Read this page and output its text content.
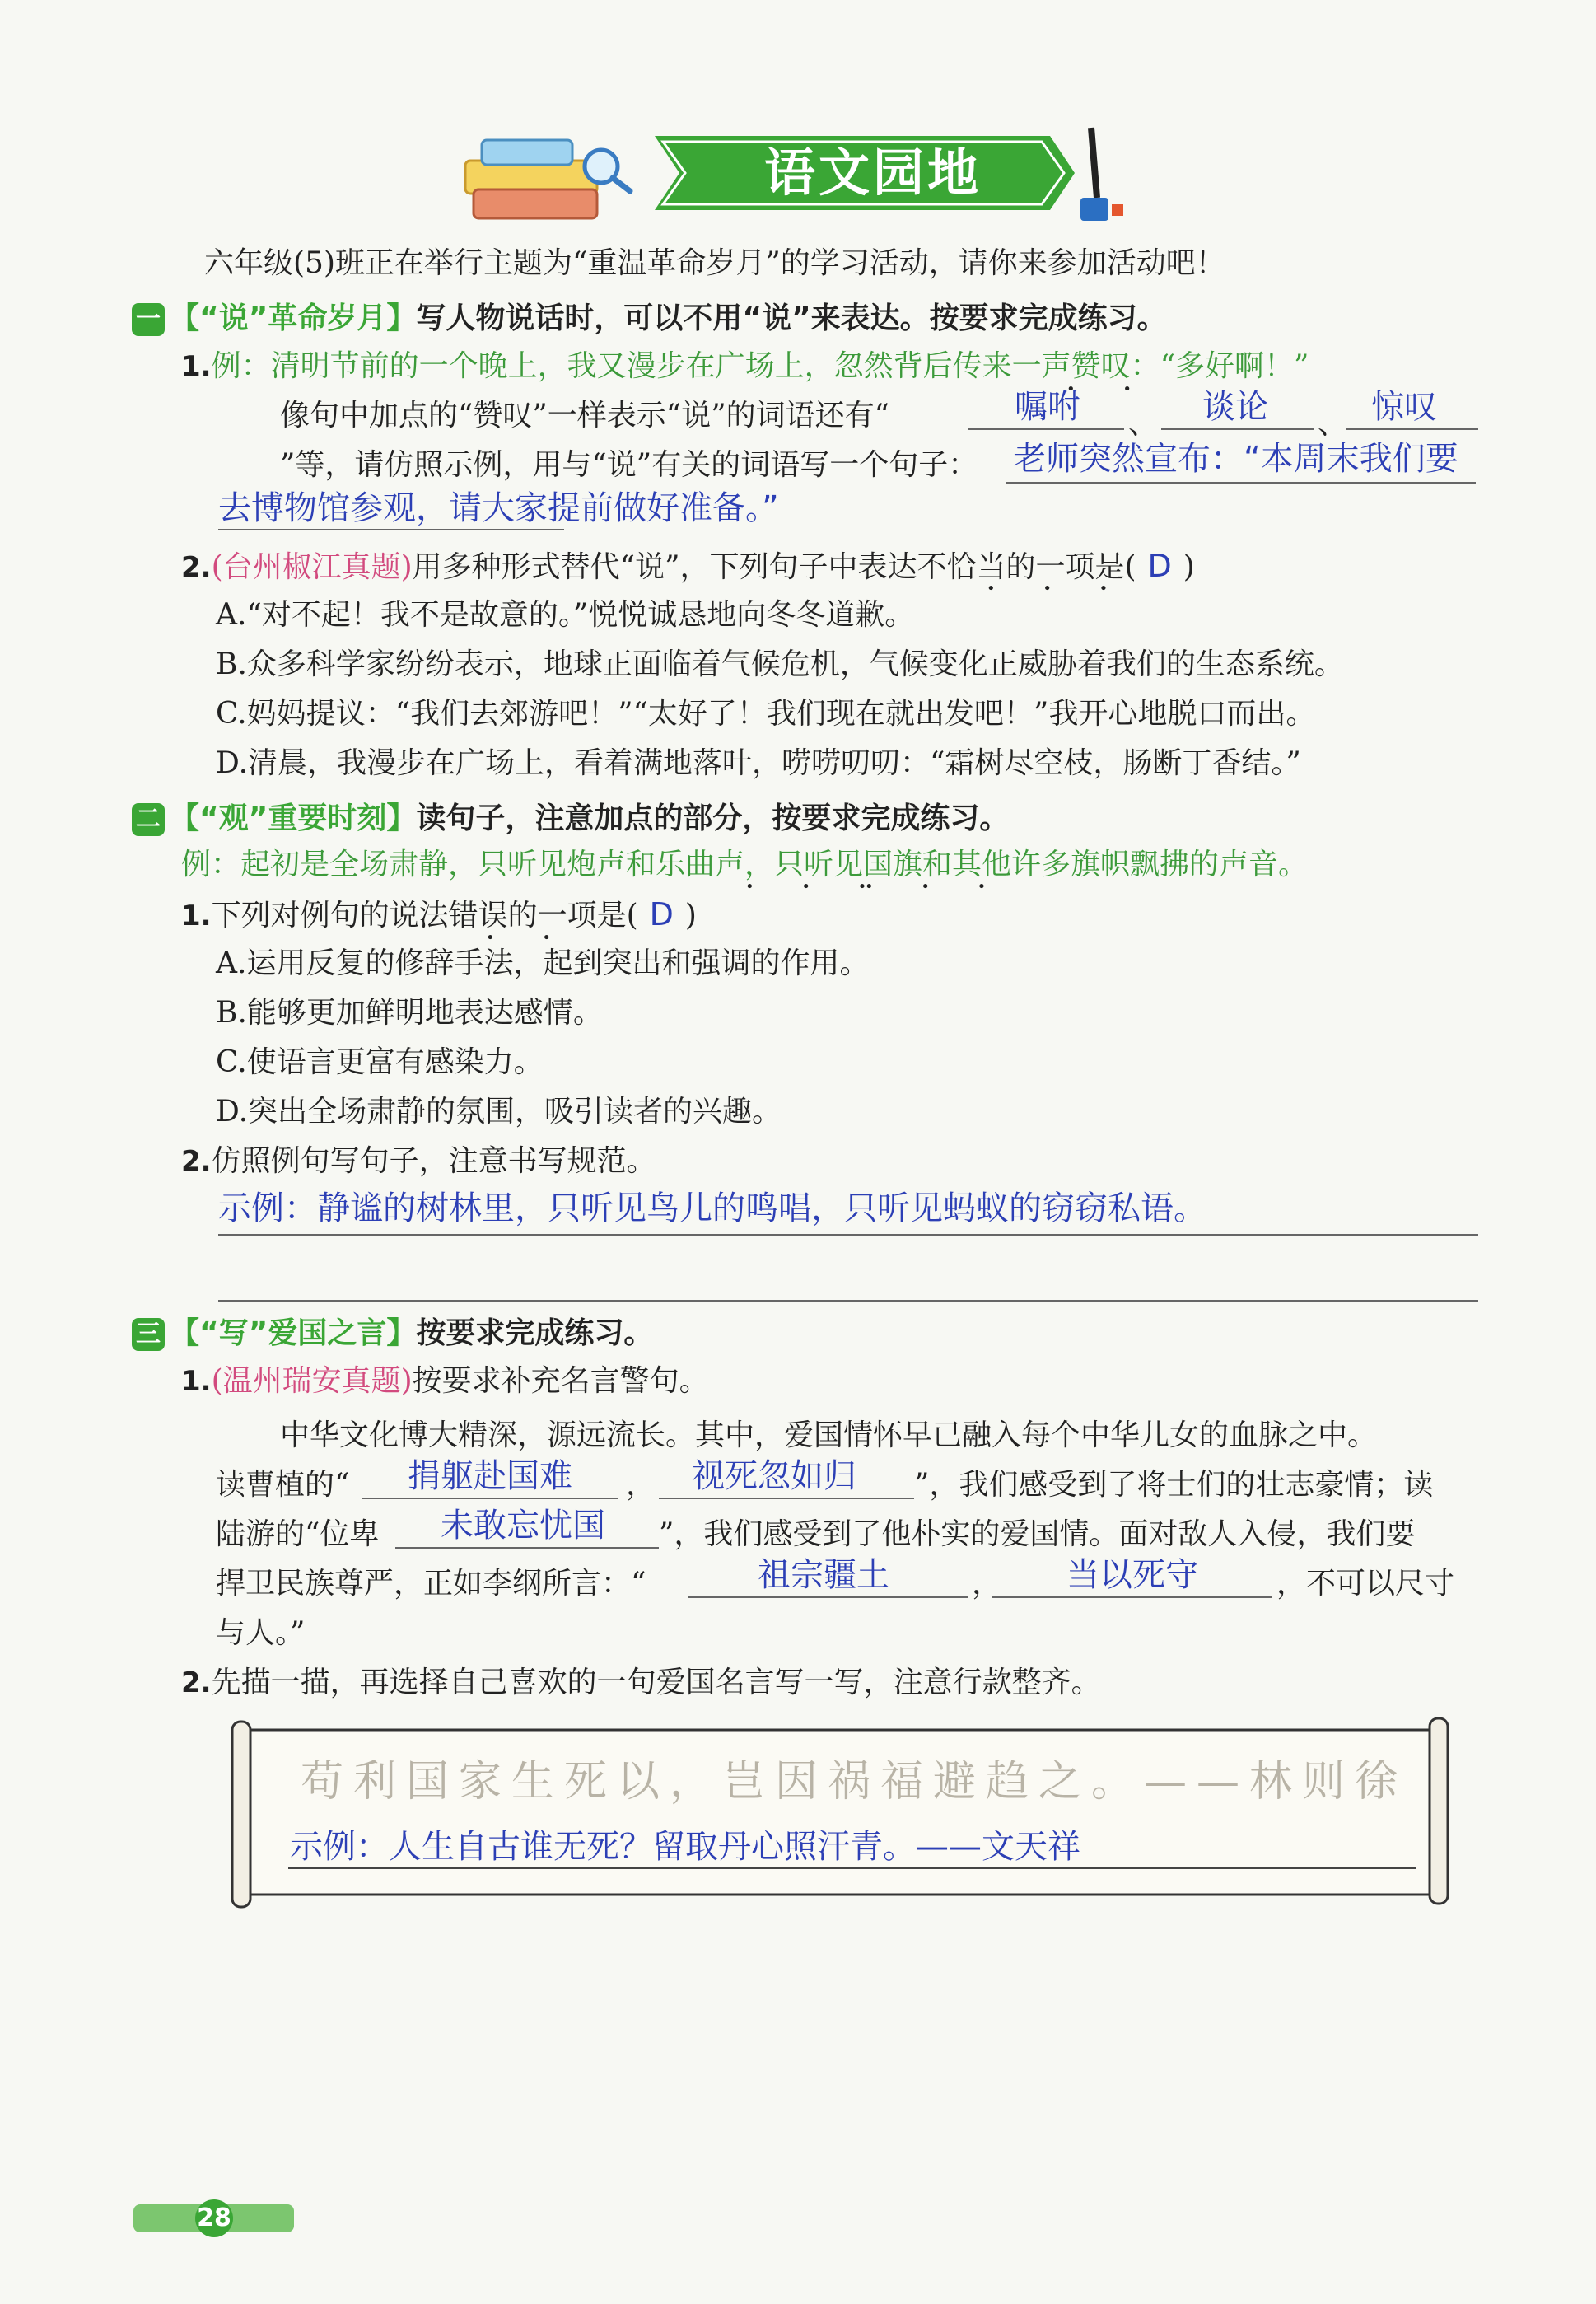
语文园地
六年级(5)班正在举行主题为“重温革命岁月”的学习活动，请你来参加活动吧！
一 【“说”革命岁月】写人物说话时，可以不用“说”来表达。按要求完成练习。
1.例：清明节前的一个晚上，我又漫步在广场上，忽然背后传来一声赞叹：“多好啊！”
• •
像句中加点的“赞叹”一样表示“说”的词语还有“	嘱咐 、 谈论 、 惊叹
”等，请仿照示例，用与“说”有关的词语写一个句子： 老师突然宣布：“本周末我们要
去博物馆参观，请大家提前做好准备。”
2.(台州椒江真题)用多种形式替代“说”，下列句子中表达不恰当的一项是( D )
• • •
A.“对不起！我不是故意的。”悦悦诚恳地向冬冬道歉。
B.众多科学家纷纷表示，地球正面临着气候危机，气候变化正威胁着我们的生态系统。
C.妈妈提议：“我们去郊游吧！”“太好了！我们现在就出发吧！”我开心地脱口而出。
D.清晨，我漫步在广场上，看着满地落叶，唠唠叨叨：“霜树尽空枝，肠断丁香结。”
二 【“观”重要时刻】读句子，注意加点的部分，按要求完成练习。
例：起初是全场肃静，只听见炮声和乐曲声，只听见国旗和其他许多旗帜飘拂的声音。
• • •
• • •
1.下列对例句的说法错误的一项是( D )
• •
A.运用反复的修辞手法，起到突出和强调的作用。
B.能够更加鲜明地表达感情。
C.使语言更富有感染力。
D.突出全场肃静的氛围，吸引读者的兴趣。
2.仿照例句写句子，注意书写规范。
示例：静谧的树林里，只听见鸟儿的鸣唱，只听见蚂蚁的窃窃私语。
三 【“写”爱国之言】按要求完成练习。
1.(温州瑞安真题)按要求补充名言警句。
中华文化博大精深，源远流长。其中，爱国情怀早已融入每个中华儿女的血脉之中。
读曹植的“ 捐躯赴国难 ， 视死忽如归 ”，我们感受到了将士们的壮志豪情；读
陆游的“位卑 未敢忘忧国 ”，我们感受到了他朴实的爱国情。面对敌人入侵，我们要
捍卫民族尊严，正如李纲所言：“	祖宗疆土	， 当以死守	，不可以尺寸
与人。”
2.先描一描，再选择自己喜欢的一句爱国名言写一写，注意行款整齐。
苟利国家生死以，岂因祸福避趋之。——林则徐
示例：人生自古谁无死？留取丹心照汗青。——文天祥
28
